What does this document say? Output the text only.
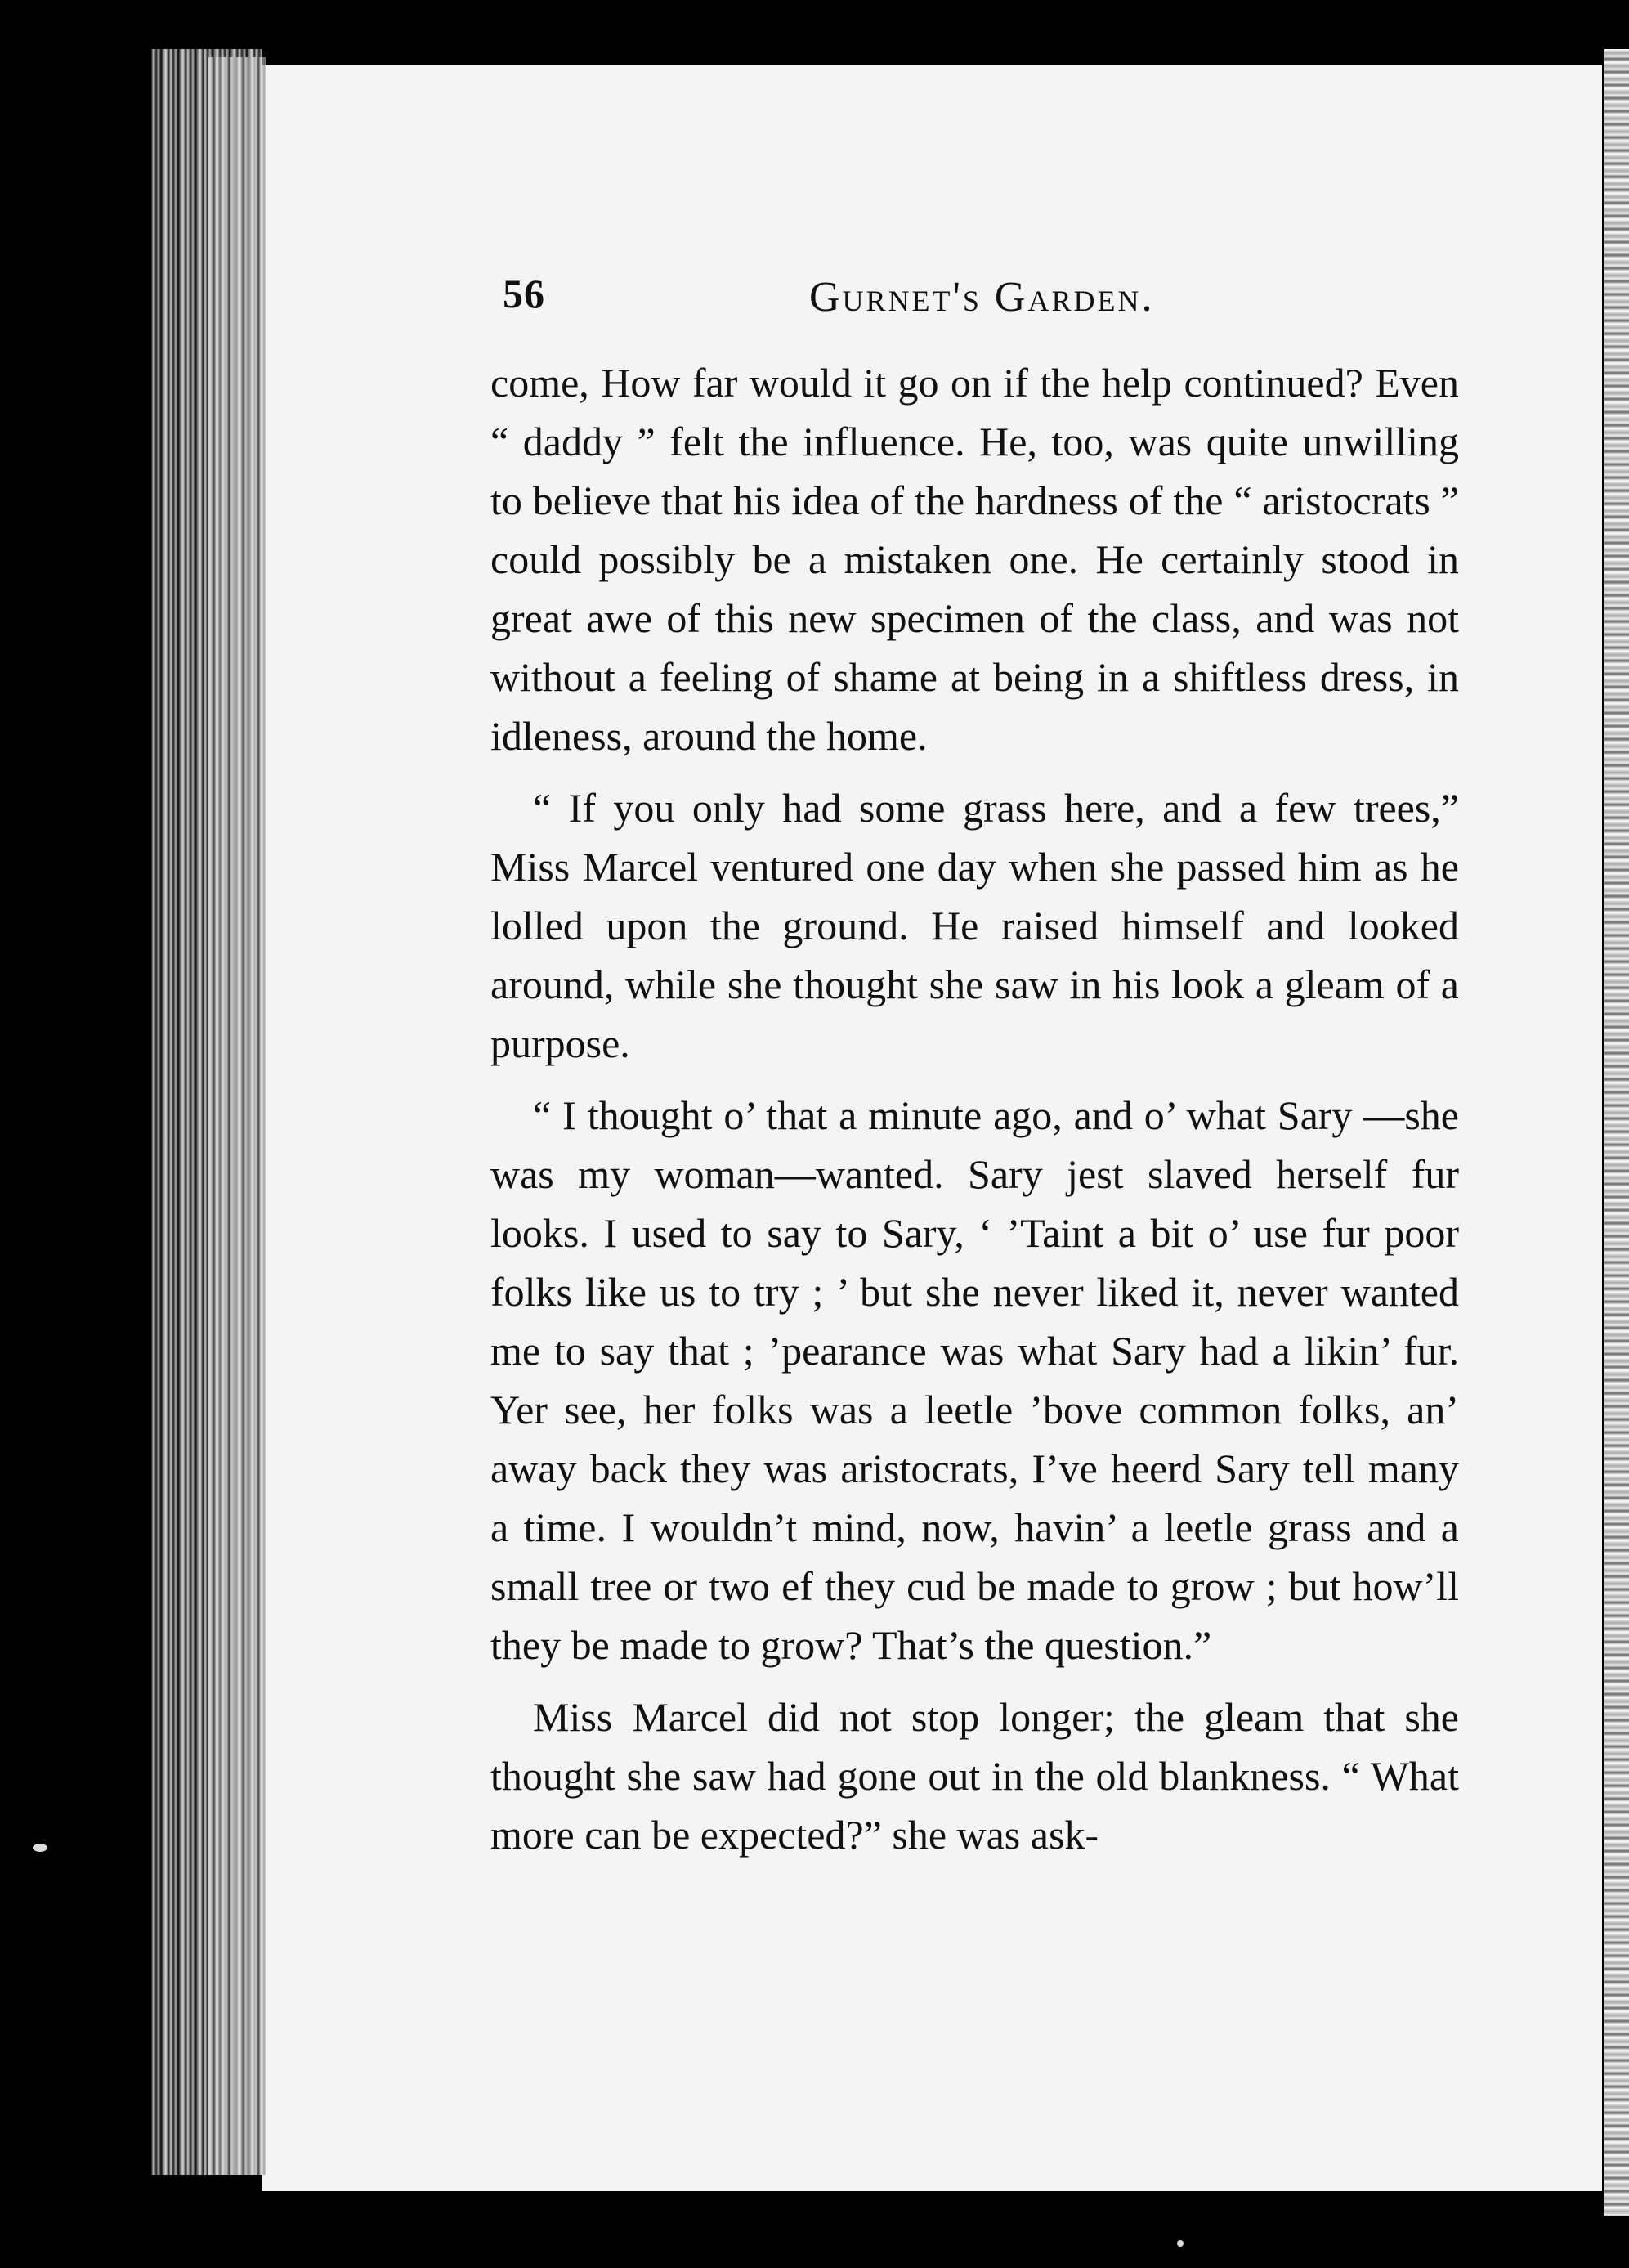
56	Gurnet's Garden.

come, How far would it go on if the help continued? Even “ daddy ” felt the influence. He, too, was quite unwilling to believe that his idea of the hardness of the “ aristocrats ” could possibly be a mistaken one. He certainly stood in great awe of this new specimen of the class, and was not without a feeling of shame at being in a shiftless dress, in idleness, around the home.

“ If you only had some grass here, and a few trees,” Miss Marcel ventured one day when she passed him as he lolled upon the ground. He raised himself and looked around, while she thought she saw in his look a gleam of a purpose.

“ I thought o’ that a minute ago, and o’ what Sary —she was my woman—wanted. Sary jest slaved herself fur looks. I used to say to Sary, ‘ ’Taint a bit o’ use fur poor folks like us to try ; ’ but she never liked it, never wanted me to say that ; ’pearance was what Sary had a likin’ fur. Yer see, her folks was a leetle ’bove common folks, an’ away back they was aristocrats, I’ve heerd Sary tell many a time. I wouldn’t mind, now, havin’ a leetle grass and a small tree or two ef they cud be made to grow ; but how’ll they be made to grow? That’s the question.”

Miss Marcel did not stop longer; the gleam that she thought she saw had gone out in the old blankness. “ What more can be expected?” she was ask-
